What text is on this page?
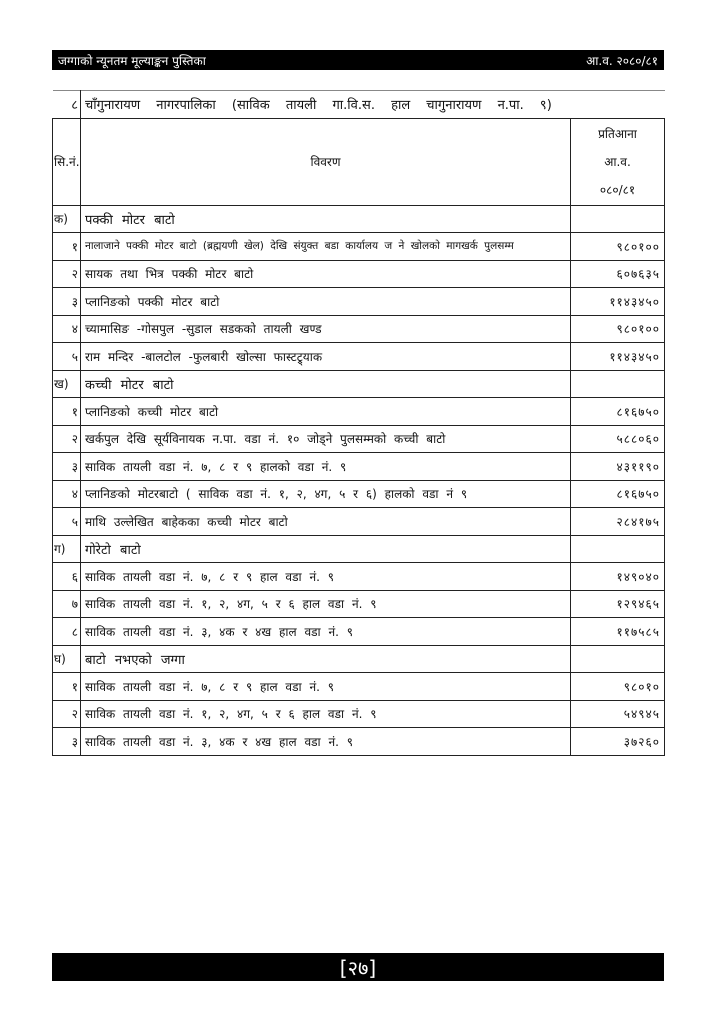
जग्गाको न्यूनतम मूल्याङ्कन पुस्तिका	आ.व. २०८०/८१
८	चाँगुनारायण नागरपालिका (साविक तायली गा.वि.स. हाल चागुनारायण न.पा. ९)	
सि.नं.	विवरण	प्रतिआना
आ.व.
०८०/८१

क)	पक्की मोटर बाटो	
१	नालाजाने पक्की मोटर बाटो (ब्रह्मयणी खेल) देखि संयुक्त बडा कार्यालय ज ने खोलको मागखर्क पुलसम्म	९८०१००
२	सायक तथा भित्र पक्की मोटर बाटो	६०७६३५
३	प्लानिङको पक्की मोटर बाटो	११४३४५०
४	च्यामासिङ -गोसपुल -सुडाल सडकको तायली खण्ड	९८०१००
५	राम मन्दिर -बालटोल -फुलबारी खोल्सा फास्टट्र्याक	११४३४५०
ख)	कच्ची मोटर बाटो	
१	प्लानिङको कच्ची मोटर बाटो	८१६७५०
२	खर्कपुल देखि सूर्यविनायक न.पा. वडा नं. १० जोड्ने पुलसम्मको कच्ची बाटो	५८८०६०
३	साविक तायली वडा नं. ७, ८ र ९ हालको वडा नं. ९	४३११९०
४	प्लानिङको मोटरबाटो ( साविक वडा नं. १, २, ४ग, ५ र ६) हालको वडा नं ९	८१६७५०
५	माथि उल्लेखित बाहेकका कच्ची मोटर बाटो	२८४१७५
ग)	गोरेटो बाटो	
६	साविक तायली वडा नं. ७, ८ र ९ हाल वडा नं. ९	१४९०४०
७	साविक तायली वडा नं. १, २, ४ग, ५ र ६ हाल वडा नं. ९	१२९४६५
८	साविक तायली वडा नं. ३, ४क र ४ख हाल वडा नं. ९	११७५८५
घ)	बाटो नभएको जग्गा	
१	साविक तायली वडा नं. ७, ८ र ९ हाल वडा नं. ९	९८०१०
२	साविक तायली वडा नं. १, २, ४ग, ५ र ६ हाल वडा नं. ९	५४९४५
३	साविक तायली वडा नं. ३, ४क र ४ख हाल वडा नं. ९	३७२६०
[२७]
